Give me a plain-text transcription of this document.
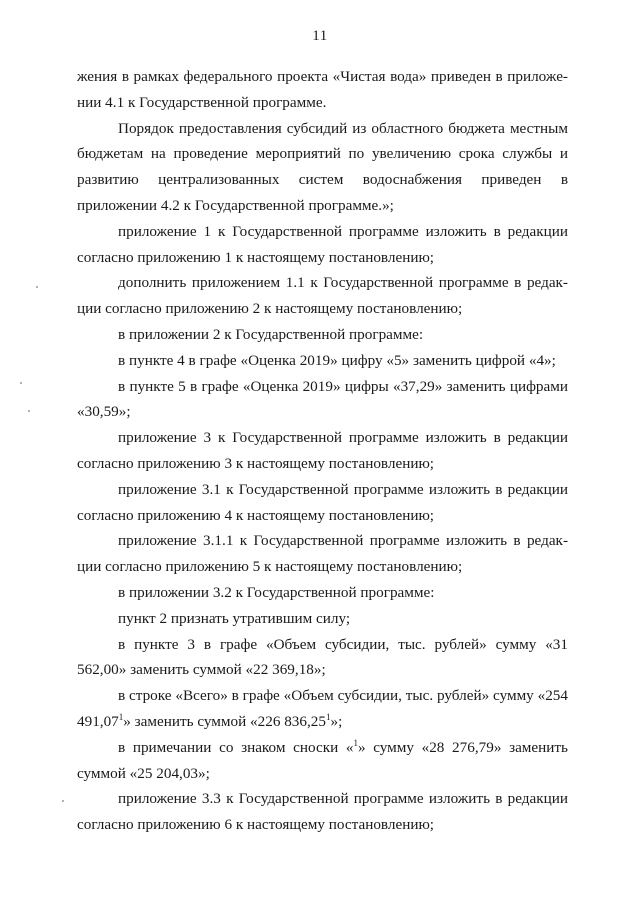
11

жения в рамках федерального проекта «Чистая вода» приведен в приложе-нии 4.1 к Государственной программе.

Порядок предоставления субсидий из областного бюджета местным бюджетам на проведение мероприятий по увеличению срока службы и развитию централизованных систем водоснабжения приведен в приложении 4.2 к Государственной программе.»;

приложение 1 к Государственной программе изложить в редакции согласно приложению 1 к настоящему постановлению;

дополнить приложением 1.1 к Государственной программе в редак-ции согласно приложению 2 к настоящему постановлению;

в приложении 2 к Государственной программе:

в пункте 4 в графе «Оценка 2019» цифру «5» заменить цифрой «4»;

в пункте 5 в графе «Оценка 2019» цифры «37,29» заменить цифрами «30,59»;

приложение 3 к Государственной программе изложить в редакции согласно приложению 3 к настоящему постановлению;

приложение 3.1 к Государственной программе изложить в редакции согласно приложению 4 к настоящему постановлению;

приложение 3.1.1 к Государственной программе изложить в редак-ции согласно приложению 5 к настоящему постановлению;

в приложении 3.2 к Государственной программе:

пункт 2 признать утратившим силу;

в пункте 3 в графе «Объем субсидии, тыс. рублей» сумму «31 562,00» заменить суммой «22 369,18»;

в строке «Всего» в графе «Объем субсидии, тыс. рублей» сумму «254 491,07$^1$» заменить суммой «226 836,25$^1$»;

в примечании со знаком сноски «$^1$» сумму «28 276,79» заменить суммой «25 204,03»;

приложение 3.3 к Государственной программе изложить в редакции согласно приложению 6 к настоящему постановлению;
